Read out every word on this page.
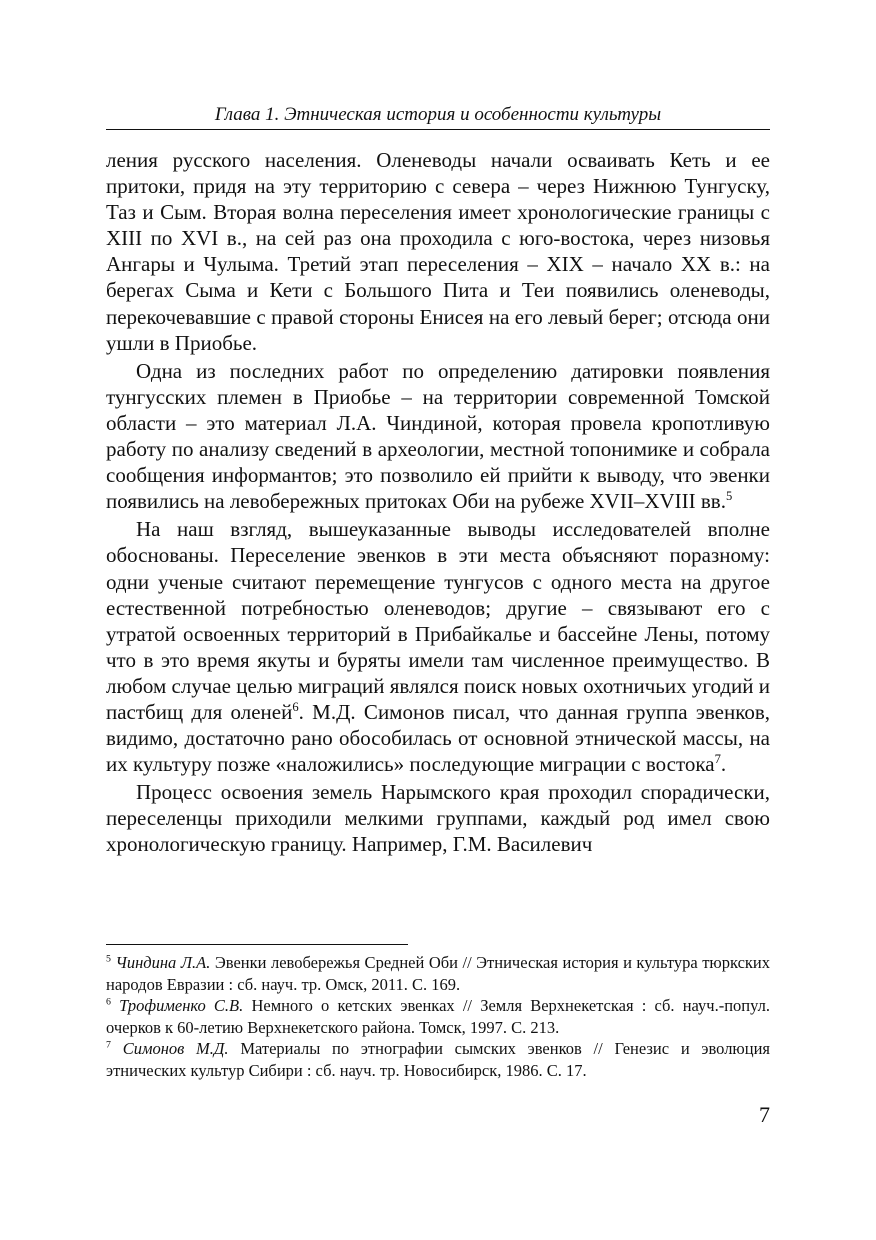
Глава 1. Этническая история и особенности культуры

ления русского населения. Оленеводы начали осваивать Кеть и ее притоки, придя на эту территорию с севера – через Нижнюю Тунгуску, Таз и Сым. Вторая волна переселения имеет хронологические границы с XIII по XVI в., на сей раз она проходила с юго-востока, через низовья Ангары и Чулыма. Третий этап переселения – XIX – начало XX в.: на берегах Сыма и Кети с Большого Пита и Теи появились оленеводы, перекочевавшие с правой стороны Енисея на его левый берег; отсюда они ушли в Приобье.

Одна из последних работ по определению датировки появления тунгусских племен в Приобье – на территории современной Томской области – это материал Л.А. Чиндиной, которая провела кропотливую работу по анализу сведений в археологии, местной топонимике и собрала сообщения информантов; это позволило ей прийти к выводу, что эвенки появились на левобережных притоках Оби на рубеже XVII–XVIII вв.$^5$

На наш взгляд, вышеуказанные выводы исследователей вполне обоснованы. Переселение эвенков в эти места объясняют поразному: одни ученые считают перемещение тунгусов с одного места на другое естественной потребностью оленеводов; другие – связывают его с утратой освоенных территорий в Прибайкалье и бассейне Лены, потому что в это время якуты и буряты имели там численное преимущество. В любом случае целью миграций являлся поиск новых охотничьих угодий и пастбищ для оленей$^6$. М.Д. Симонов писал, что данная группа эвенков, видимо, достаточно рано обособилась от основной этнической массы, на их культуру позже «наложились» последующие миграции с востока$^7$.

Процесс освоения земель Нарымского края проходил спорадически, переселенцы приходили мелкими группами, каждый род имел свою хронологическую границу. Например, Г.М. Василевич

$^5$ Чиндина Л.А. Эвенки левобережья Средней Оби // Этническая история и культура тюркских народов Евразии : сб. науч. тр. Омск, 2011. С. 169.

$^6$ Трофименко С.В. Немного о кетских эвенках // Земля Верхнекетская : сб. науч.-попул. очерков к 60-летию Верхнекетского района. Томск, 1997. С. 213.

$^7$ Симонов М.Д. Материалы по этнографии сымских эвенков // Генезис и эволюция этнических культур Сибири : сб. науч. тр. Новосибирск, 1986. С. 17.

7
